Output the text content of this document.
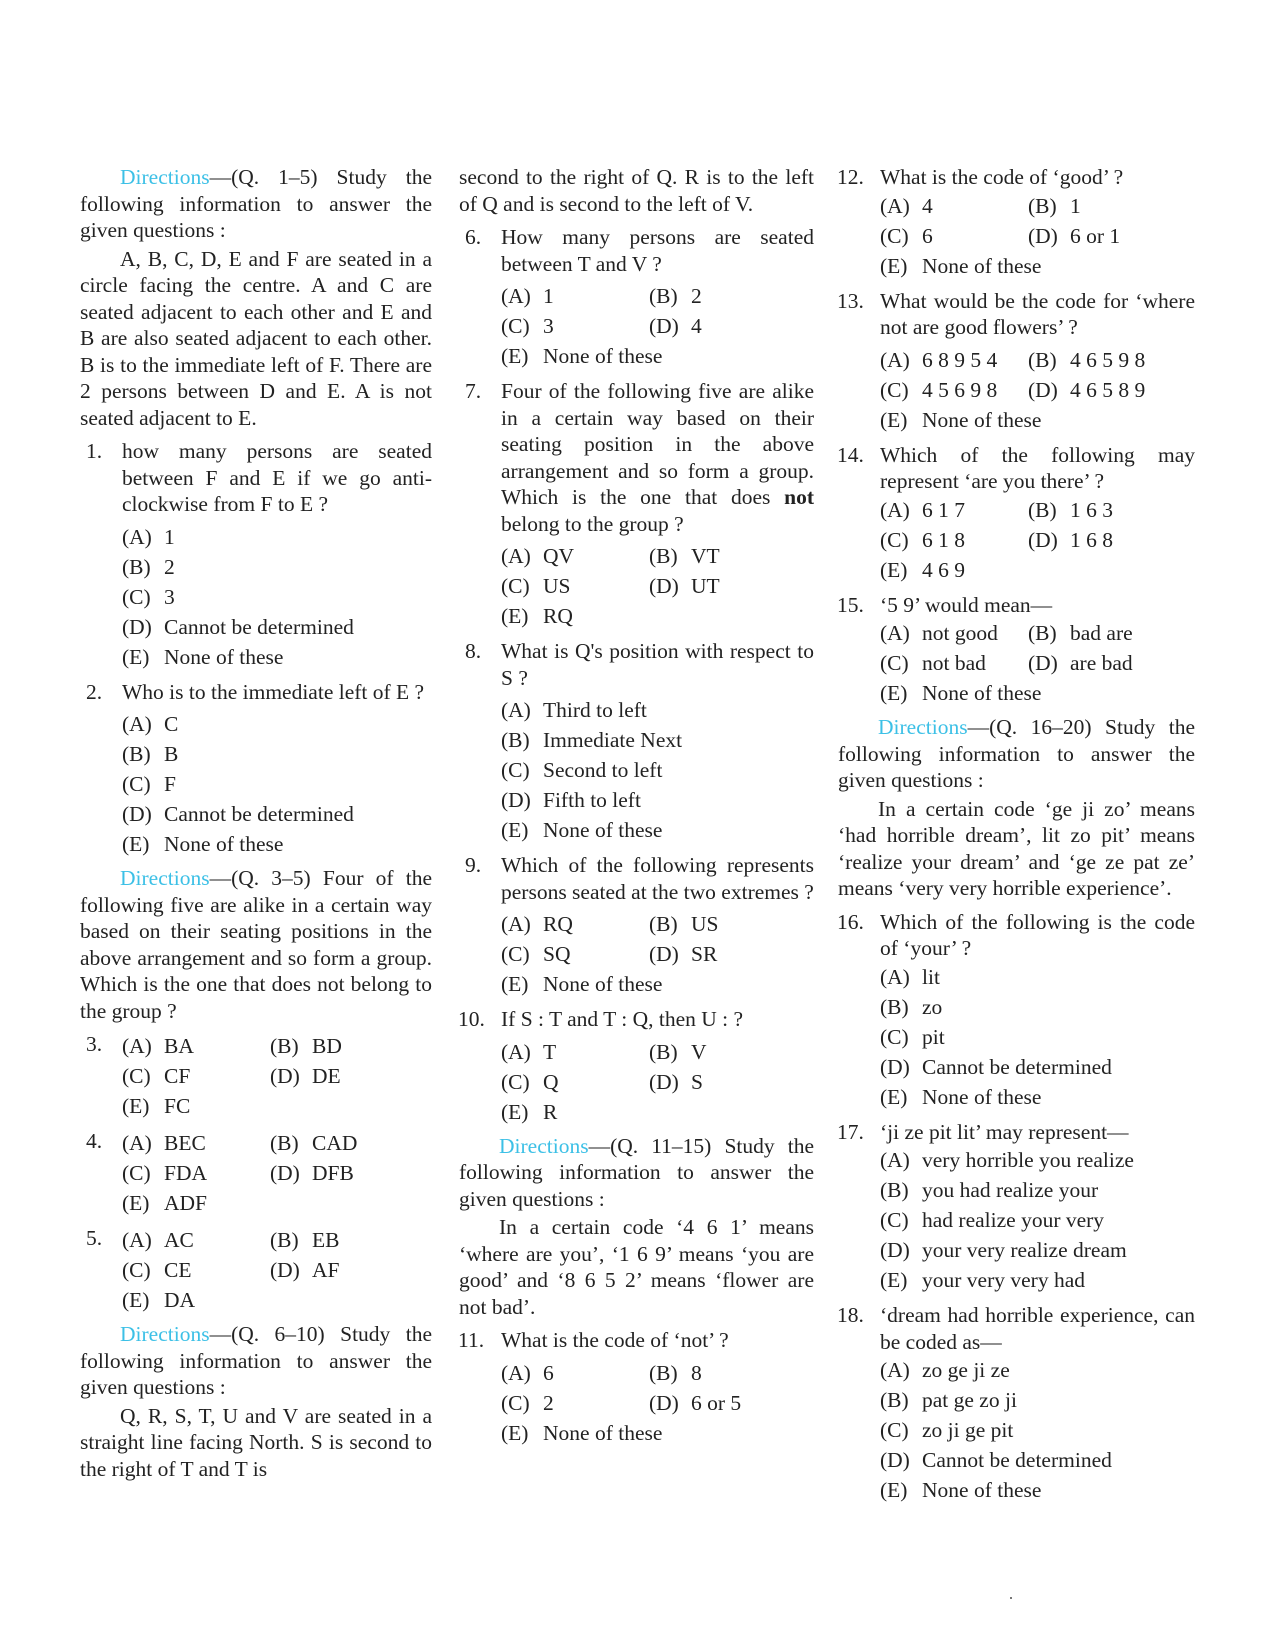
Directions—(Q. 1–5) Study the following information to answer the given questions :

A, B, C, D, E and F are seated in a circle facing the centre. A and C are seated adjacent to each other and E and B are also seated adjacent to each other. B is to the immediate left of F. There are 2 persons between D and E. A is not seated adjacent to E.

1. how many persons are seated between F and E if we go anti-clockwise from F to E ?

(A) 1
(B) 2
(C) 3
(D) Cannot be determined
(E) None of these
2. Who is to the immediate left of E ?

(A) C
(B) B
(C) F
(D) Cannot be determined
(E) None of these

Directions—(Q. 3–5) Four of the following five are alike in a certain way based on their seating positions in the above arrangement and so form a group. Which is the one that does not belong to the group ?

3. (A) BA	(B) BD
(C) CF	(D) DE
(E) FC
4. (A) BEC	(B) CAD
(C) FDA	(D) DFB
(E) ADF
5. (A) AC	(B) EB
(C) CE	(D) AF
(E) DA

Directions—(Q. 6–10) Study the following information to answer the given questions :

Q, R, S, T, U and V are seated in a straight line facing North. S is second to the right of T and T is

second to the right of Q. R is to the left of Q and is second to the left of V.

6. How many persons are seated between T and V ?

(A) 1	(B) 2
(C) 3	(D) 4
(E) None of these
7. Four of the following five are alike in a certain way based on their seating position in the above arrangement and so form a group. Which is the one that does not belong to the group ?

(A) QV	(B) VT
(C) US	(D) UT
(E) RQ
8. What is Q's position with respect to S ?

(A) Third to left
(B) Immediate Next
(C) Second to left
(D) Fifth to left
(E) None of these
9. Which of the following represents persons seated at the two extremes ?

(A) RQ	(B) US
(C) SQ	(D) SR
(E) None of these
10. If S : T and T : Q, then U : ?

(A) T	(B) V
(C) Q	(D) S
(E) R

Directions—(Q. 11–15) Study the following information to answer the given questions :

In a certain code ‘4 6 1’ means ‘where are you’, ‘1 6 9’ means ‘you are good’ and ‘8 6 5 2’ means ‘flower are not bad’.

11. What is the code of ‘not’ ?

(A) 6	(B) 8
(C) 2	(D) 6 or 5
(E) None of these
12. What is the code of ‘good’ ?

(A) 4	(B) 1
(C) 6	(D) 6 or 1
(E) None of these
13. What would be the code for ‘where not are good flowers’ ?

(A) 6 8 9 5 4 (B) 4 6 5 9 8
(C) 4 5 6 9 8 (D) 4 6 5 8 9
(E) None of these
14. Which of the following may represent ‘are you there’ ?

(A) 6 1 7	(B) 1 6 3
(C) 6 1 8	(D) 1 6 8
(E) 4 6 9
15. ‘5 9’ would mean—

(A) not good (B) bad are
(C) not bad (D) are bad
(E) None of these

Directions—(Q. 16–20) Study the following information to answer the given questions :

In a certain code ‘ge ji zo’ means ‘had horrible dream’, lit zo pit’ means ‘realize your dream’ and ‘ge ze pat ze’ means ‘very very horrible experience’.

16. Which of the following is the code of ‘your’ ?

(A) lit
(B) zo
(C) pit
(D) Cannot be determined
(E) None of these
17. ‘ji ze pit lit’ may represent—

(A) very horrible you realize
(B) you had realize your
(C) had realize your very
(D) your very realize dream
(E) your very very had
18. ‘dream had horrible experience, can be coded as—

(A) zo ge ji ze
(B) pat ge zo ji
(C) zo ji ge pit
(D) Cannot be determined
(E) None of these
